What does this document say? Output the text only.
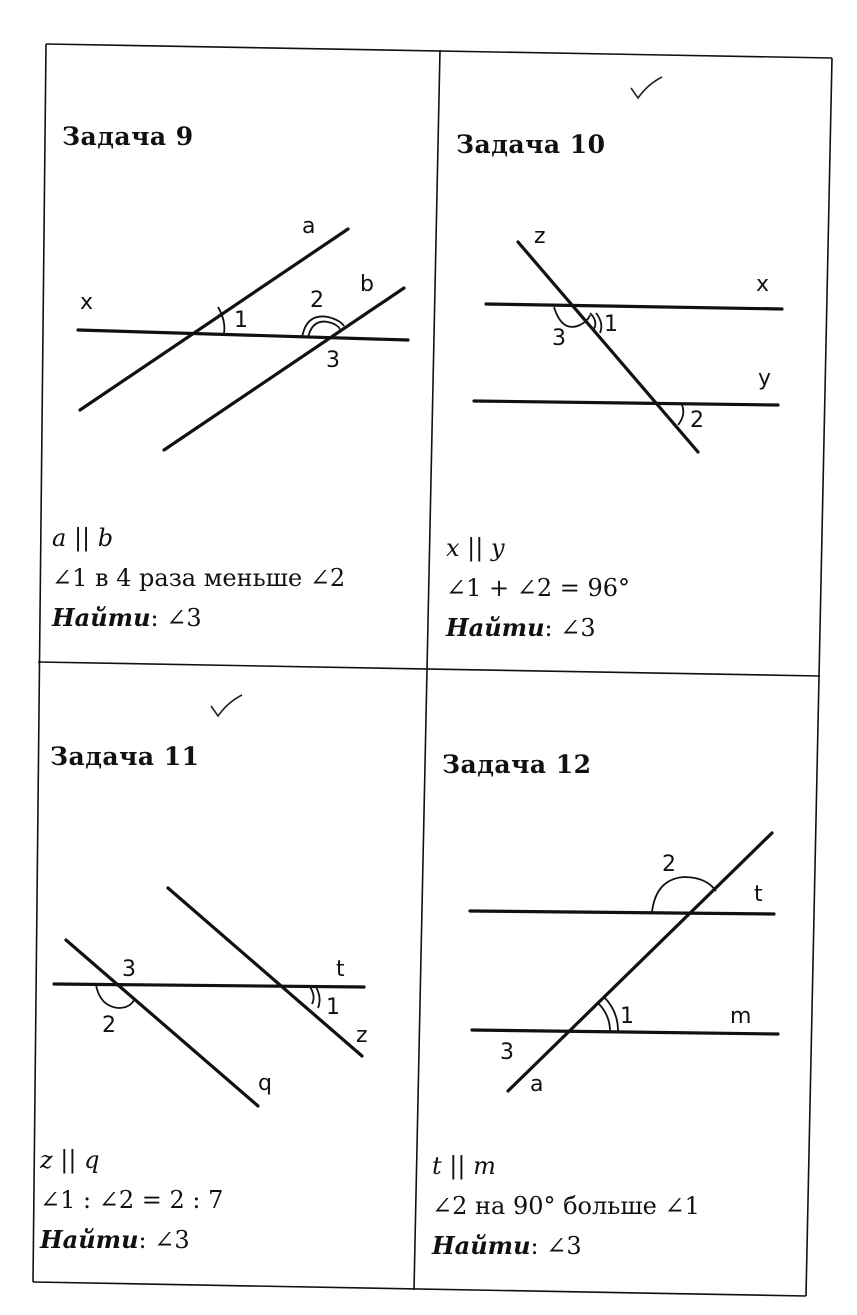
Задача 9
a
b
x
1
2
3
a || b
∠1 в 4 раза меньше ∠2
Найти: ∠3
Задача 10
z
x
y
1
2
3
x || y
∠1 + ∠2 = 96°
Найти: ∠3
Задача 11
t
z
q
1
2
3
z || q
∠1 : ∠2 = 2 : 7
Найти: ∠3
Задача 12
t
m
a
1
2
3
t || m
∠2 на 90° больше ∠1
Найти: ∠3
